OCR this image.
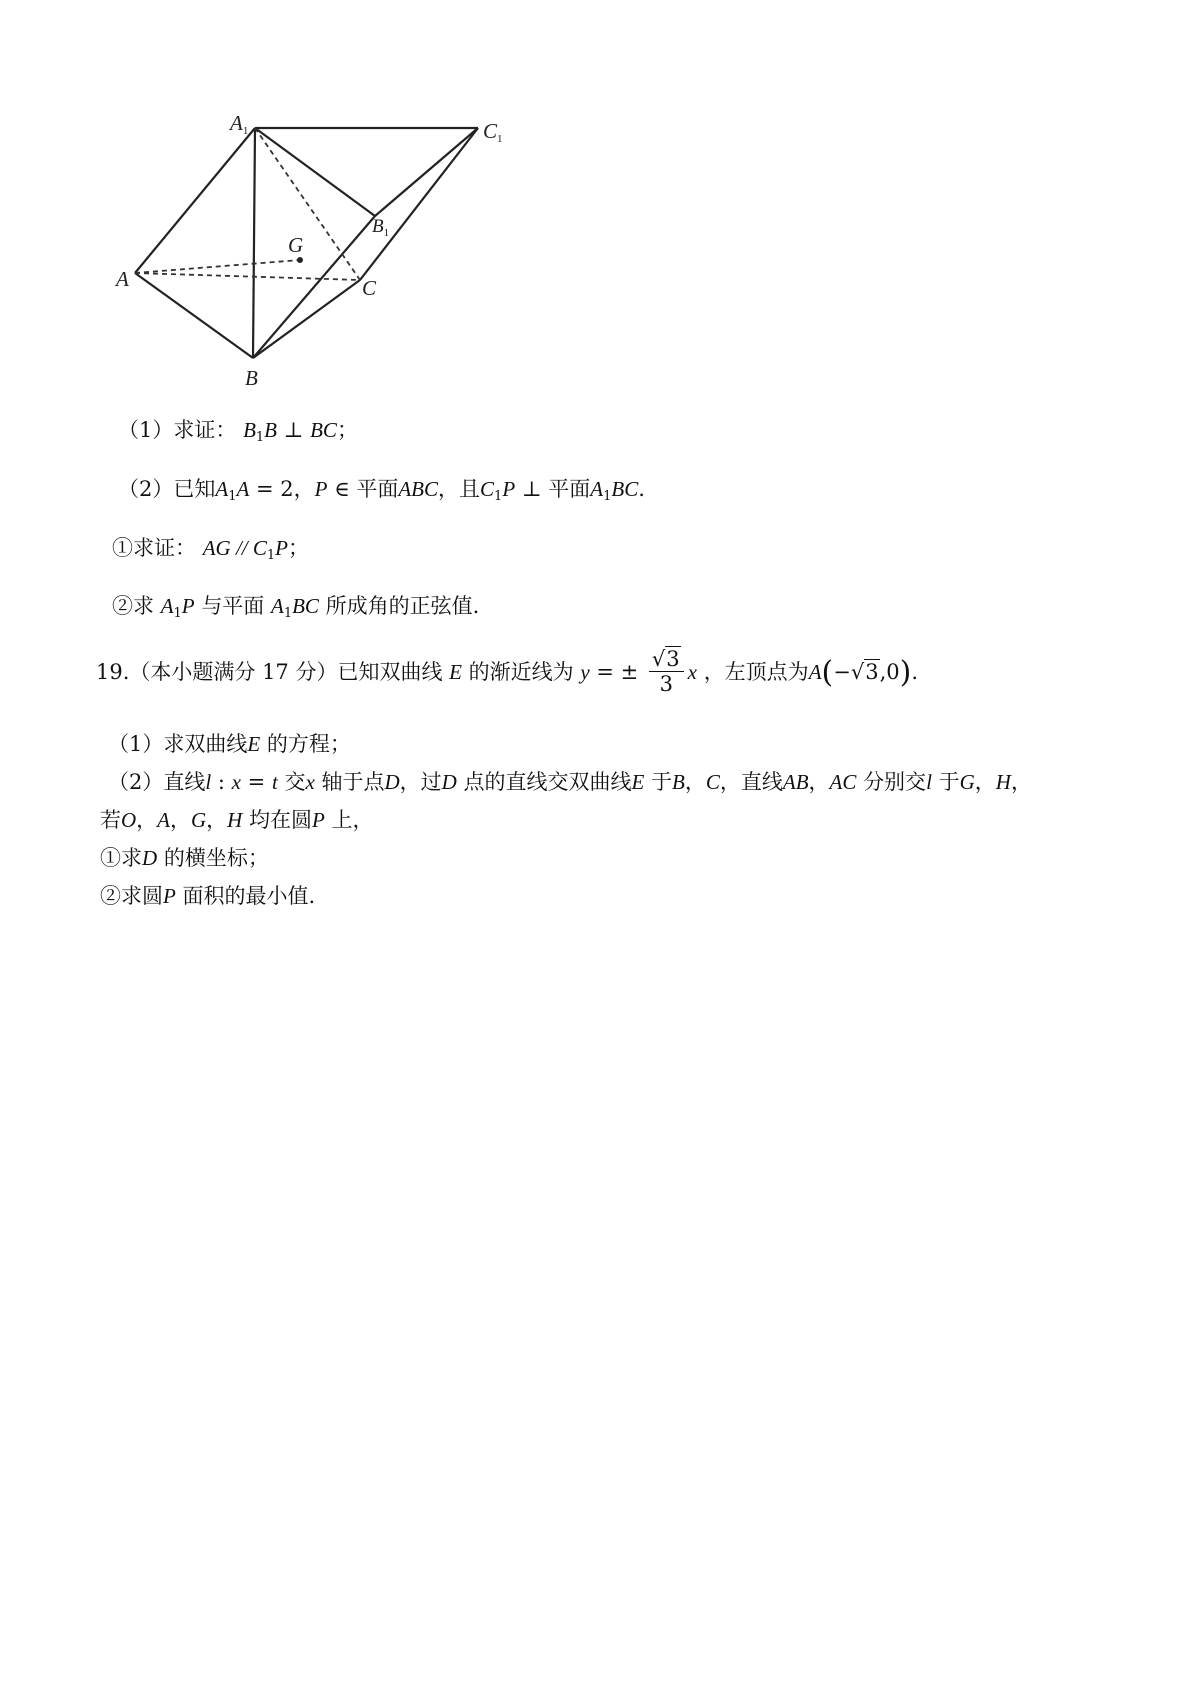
A1	C1
$B_1$
G
A	C
B
（1）求证： $B_1B$ ⊥ BC；
（2）已知$A_1A = 2$，P ∈ 平面ABC，且$C_1P$ ⊥ 平面$A_1BC$.
①求证： AG // $C_1P$；
②求 $A_1P$ 与平面 $A_1BC$ 所成角的正弦值.
19.（本小题满分 17 分）已知双曲线 E 的渐近线为 y = ± $\frac{√3}{3}$ x ，左顶点为A(−√3,0).
（1）求双曲线E 的方程；
（2）直线l : x = t 交x 轴于点D，过D 点的直线交双曲线E 于B，C，直线AB，AC 分别交l 于G，H，
若O，A，G，H 均在圆P 上，
①求D 的横坐标；
②求圆P 面积的最小值.
